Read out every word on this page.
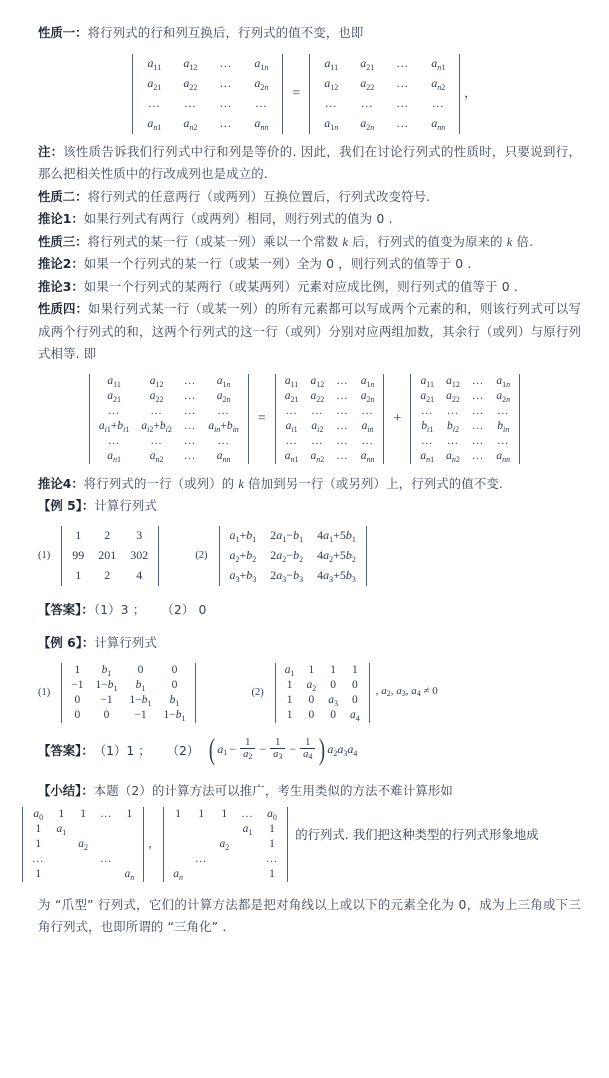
性质一：将行列式的行和列互换后，行列式的值不变，也即

$a_{11}$	$a_{12}$	…	$a_{1n}$
$a_{21}$	$a_{22}$	…	$a_{2n}$
…	…	…	…
$a_{n1}$	$a_{n2}$	…	$a_{nn}$
=
$a_{11}$	$a_{21}$	…	$a_{n1}$
$a_{12}$	$a_{22}$	…	$a_{n2}$
…	…	…	…
$a_{1n}$	$a_{2n}$	…	$a_{nn}$
，

注：该性质告诉我们行列式中行和列是等价的. 因此，我们在讨论行列式的性质时，只要说到行，那么把相关性质中的行改成列也是成立的.

性质二：将行列式的任意两行（或两列）互换位置后，行列式改变符号.

推论1：如果行列式有两行（或两列）相同，则行列式的值为 0 .

性质三：将行列式的某一行（或某一列）乘以一个常数 k 后，行列式的值变为原来的 k 倍.

推论2：如果一个行列式的某一行（或某一列）全为 0 ，则行列式的值等于 0 .

推论3：如果一个行列式的某两行（或某两列）元素对应成比例，则行列式的值等于 0 .

性质四：如果行列式某一行（或某一列）的所有元素都可以写成两个元素的和，则该行列式可以写成两个行列式的和，这两个行列式的这一行（或列）分别对应两组加数，其余行（或列）与原行列式相等. 即

$a_{11}$	$a_{12}$	…	$a_{1n}$
$a_{21}$	$a_{22}$	…	$a_{2n}$
…	…	…	…
$a_{i1}+b_{i1}$	$a_{i2}+b_{i2}$	…	$a_{in}+b_{in}$
…	…	…	…
$a_{n1}$	$a_{n2}$	…	$a_{nn}$
=
$a_{11}$	$a_{12}$	…	$a_{1n}$
$a_{21}$	$a_{22}$	…	$a_{2n}$
…	…	…	…
$a_{i1}$	$a_{i2}$	…	$a_{in}$
…	…	…	…
$a_{n1}$	$a_{n2}$	…	$a_{nn}$
+
$a_{11}$	$a_{12}$	…	$a_{1n}$
$a_{21}$	$a_{22}$	…	$a_{2n}$
…	…	…	…
$b_{i1}$	$b_{i2}$	…	$b_{in}$
…	…	…	…
$a_{n1}$	$a_{n2}$	…	$a_{nn}$

推论4：将行列式的一行（或列）的 k 倍加到另一行（或另列）上，行列式的值不变.

【例 5】：计算行列式

(1)
1	2	3
99	201	302
1	2	4
(2)
$a_1+b_1$	$2a_1-b_1$	$4a_1+5b_1$
$a_2+b_2$	$2a_2-b_2$	$4a_2+5b_2$
$a_3+b_3$	$2a_3-b_3$	$4a_3+5b_3$

【答案】：（1）3 ； （2） 0

【例 6】：计算行列式

(1)
1	$b_1$	0	0
−1	$1-b_1$	$b_1$	0
0	−1	$1-b_1$	$b_1$
0	0	−1	$1-b_1$
(2)
$a_1$	1	1	1
1	$a_2$	0	0
1	0	$a_3$	0
1	0	0	$a_4$
, $a_2$ , $a_3$ , $a_4 \ne 0$
【答案】： （1）1 ； （2） ( $a_1 - \frac{1}{a_2} - \frac{1}{a_3} - \frac{1}{a_4}$ ) $a_2a_3a_4$

【小结】：本题（2）的计算方法可以推广，考生用类似的方法不难计算形如

$a_0$	1	1	…	1
1	$a_1$			
1		$a_2$		
…			…	
1				$a_n$
，
1	1	1	…	$a_0$
			$a_1$	1
		$a_2$		1
	…			…
$a_n$				1
的行列式. 我们把这种类型的行列式形象地成

为 “爪型” 行列式，它们的计算方法都是把对角线以上或以下的元素全化为 0，成为上三角或下三角行列式，也即所谓的 “三角化” .
